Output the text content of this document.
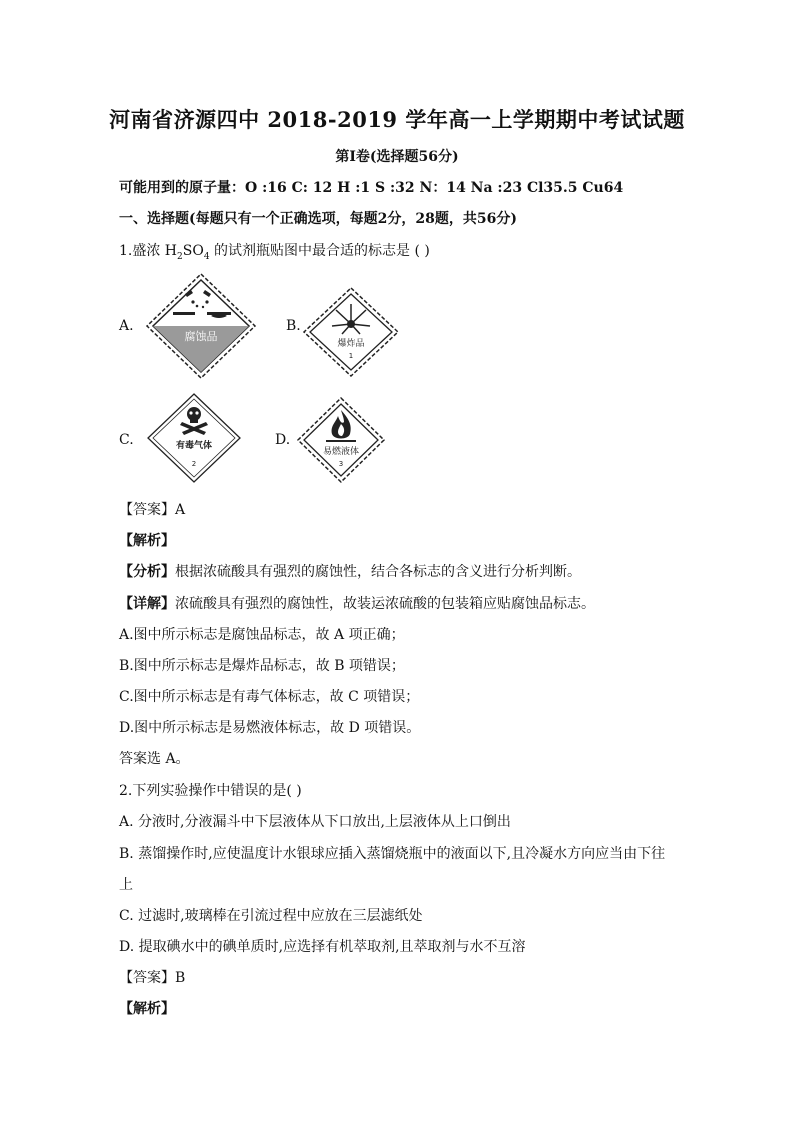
河南省济源四中 2018-2019 学年高一上学期期中考试试题
第Ⅰ卷(选择题56分)
可能用到的原子量：O :16 C: 12 H :1 S :32 N：14 Na :23 Cl35.5 Cu64
一、选择题(每题只有一个正确选项，每题2分，28题，共56分)
1.盛浓 $H_2SO_4$ 的试剂瓶贴图中最合适的标志是 ( )
A.
腐蚀品
B.
爆炸品
1
C.	有毒气体
2
D.
易燃液体
3
【答案】A
【解析】
【分析】根据浓硫酸具有强烈的腐蚀性，结合各标志的含义进行分析判断。
【详解】浓硫酸具有强烈的腐蚀性，故装运浓硫酸的包装箱应贴腐蚀品标志。
A.图中所示标志是腐蚀品标志，故 A 项正确；
B.图中所示标志是爆炸品标志，故 B 项错误；
C.图中所示标志是有毒气体标志，故 C 项错误；
D.图中所示标志是易燃液体标志，故 D 项错误。
答案选 A。
2.下列实验操作中错误的是( )
A. 分液时,分液漏斗中下层液体从下口放出,上层液体从上口倒出
B. 蒸馏操作时,应使温度计水银球应插入蒸馏烧瓶中的液面以下,且冷凝水方向应当由下往
上
C. 过滤时,玻璃棒在引流过程中应放在三层滤纸处
D. 提取碘水中的碘单质时,应选择有机萃取剂,且萃取剂与水不互溶
【答案】B
【解析】
